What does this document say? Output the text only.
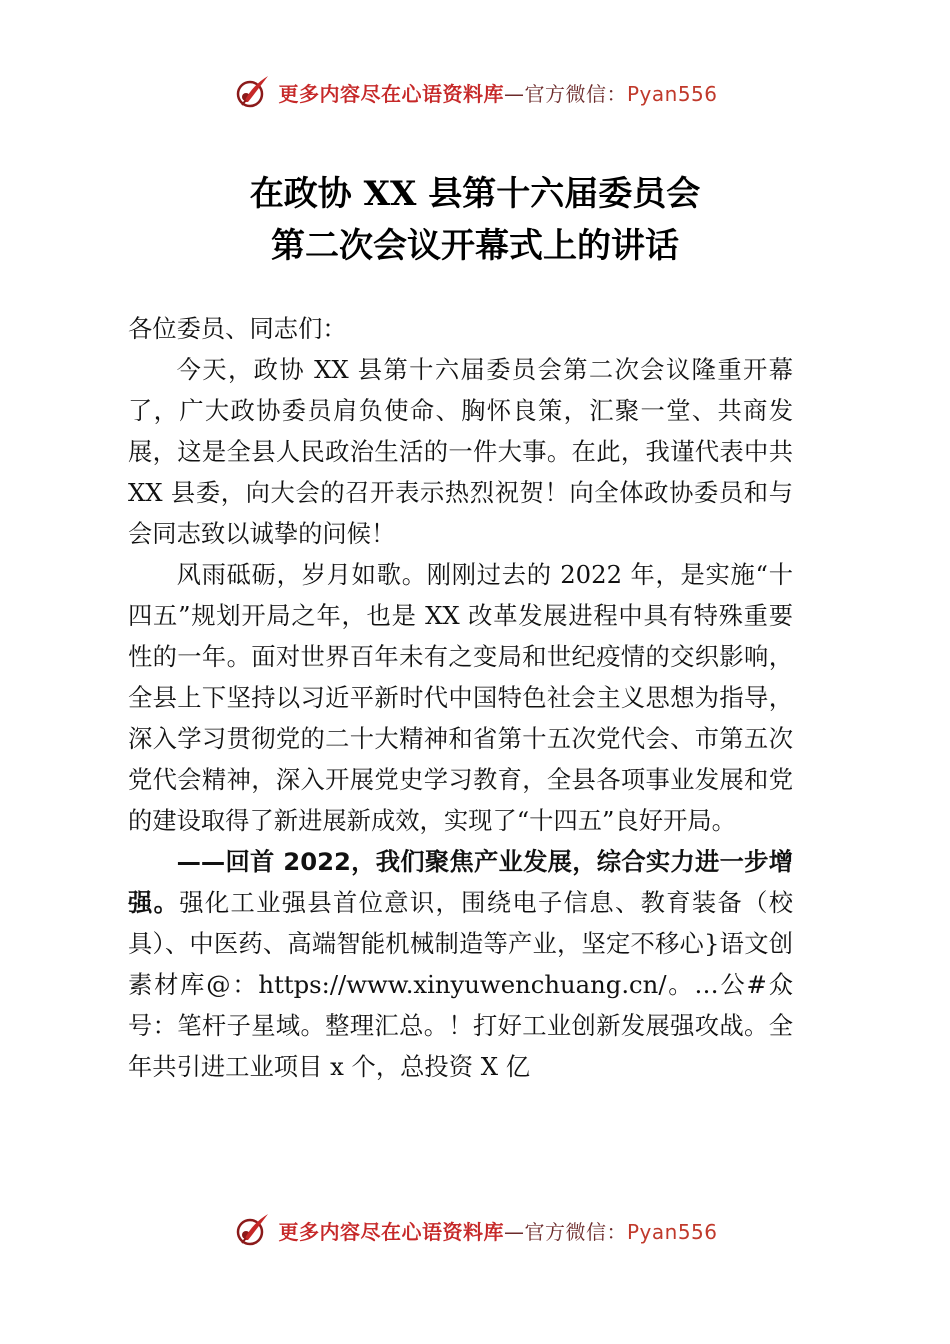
更多内容尽在心语资料库—官方微信：Pyan556
在政协 XX 县第十六届委员会
第二次会议开幕式上的讲话

各位委员、同志们：

今天，政协 XX 县第十六届委员会第二次会议隆重开幕了，广大政协委员肩负使命、胸怀良策，汇聚一堂、共商发展，这是全县人民政治生活的一件大事。在此，我谨代表中共 XX 县委，向大会的召开表示热烈祝贺！向全体政协委员和与会同志致以诚挚的问候！

风雨砥砺，岁月如歌。刚刚过去的 2022 年，是实施“十四五”规划开局之年，也是 XX 改革发展进程中具有特殊重要性的一年。面对世界百年未有之变局和世纪疫情的交织影响，全县上下坚持以习近平新时代中国特色社会主义思想为指导，深入学习贯彻党的二十大精神和省第十五次党代会、市第五次党代会精神，深入开展党史学习教育，全县各项事业发展和党的建设取得了新进展新成效，实现了“十四五”良好开局。

——回首 2022，我们聚焦产业发展，综合实力进一步增强。强化工业强县首位意识，围绕电子信息、教育装备（校具）、中医药、高端智能机械制造等产业，坚定不移心}语文创素材库@：https://www.xinyuwenchuang.cn/。…公#众号：笔杆子星域。整理汇总。！打好工业创新发展强攻战。全年共引进工业项目 x 个，总投资 X 亿

更多内容尽在心语资料库—官方微信：Pyan556
